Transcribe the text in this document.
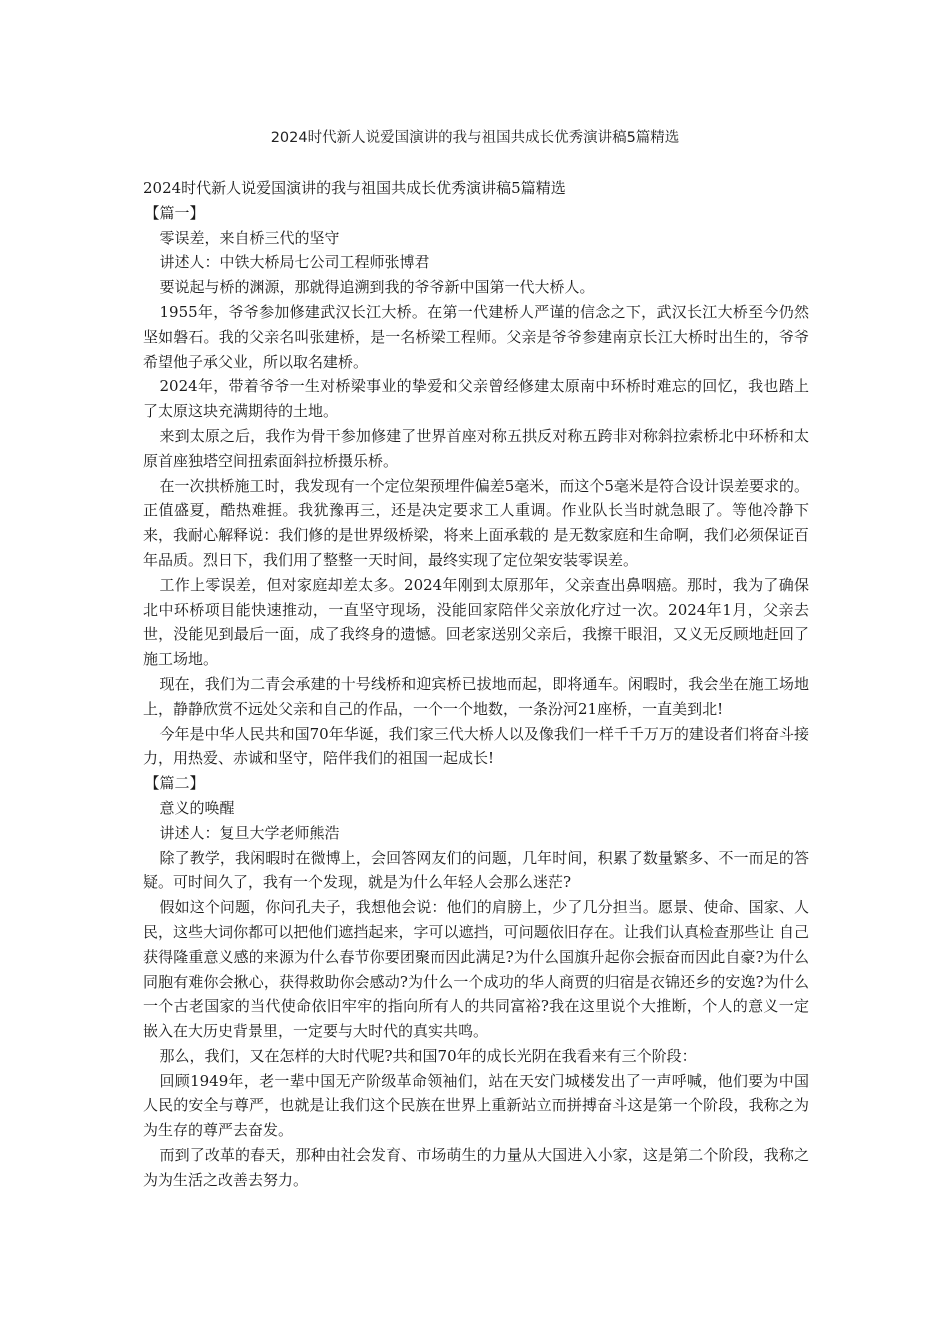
2024时代新人说爱国演讲的我与祖国共成长优秀演讲稿5篇精选

2024时代新人说爱国演讲的我与祖国共成长优秀演讲稿5篇精选

【篇一】

零误差，来自桥三代的坚守

讲述人：中铁大桥局七公司工程师张博君

要说起与桥的渊源，那就得追溯到我的爷爷新中国第一代大桥人。

1955年，爷爷参加修建武汉长江大桥。在第一代建桥人严谨的信念之下，武汉长江大桥至今仍然坚如磐石。我的父亲名叫张建桥，是一名桥梁工程师。父亲是爷爷参建南京长江大桥时出生的，爷爷希望他子承父业，所以取名建桥。

2024年，带着爷爷一生对桥梁事业的挚爱和父亲曾经修建太原南中环桥时难忘的回忆，我也踏上了太原这块充满期待的土地。

来到太原之后，我作为骨干参加修建了世界首座对称五拱反对称五跨非对称斜拉索桥北中环桥和太原首座独塔空间扭索面斜拉桥摄乐桥。

在一次拱桥施工时，我发现有一个定位架预埋件偏差5毫米，而这个5毫米是符合设计误差要求的。正值盛夏，酷热难捱。我犹豫再三，还是决定要求工人重调。作业队长当时就急眼了。等他冷静下来，我耐心解释说：我们修的是世界级桥梁，将来上面承载的 是无数家庭和生命啊，我们必须保证百年品质。烈日下，我们用了整整一天时间，最终实现了定位架安装零误差。

工作上零误差，但对家庭却差太多。2024年刚到太原那年，父亲查出鼻咽癌。那时，我为了确保北中环桥项目能快速推动，一直坚守现场，没能回家陪伴父亲放化疗过一次。2024年1月，父亲去世，没能见到最后一面，成了我终身的遗憾。回老家送别父亲后，我擦干眼泪，又义无反顾地赶回了施工场地。

现在，我们为二青会承建的十号线桥和迎宾桥已拔地而起，即将通车。闲暇时，我会坐在施工场地上，静静欣赏不远处父亲和自己的作品，一个一个地数，一条汾河21座桥，一直美到北!

今年是中华人民共和国70年华诞，我们家三代大桥人以及像我们一样千千万万的建设者们将奋斗接力，用热爱、赤诚和坚守，陪伴我们的祖国一起成长!

【篇二】

意义的唤醒

讲述人：复旦大学老师熊浩

除了教学，我闲暇时在微博上，会回答网友们的问题，几年时间，积累了数量繁多、不一而足的答疑。可时间久了，我有一个发现，就是为什么年轻人会那么迷茫?

假如这个问题，你问孔夫子，我想他会说：他们的肩膀上，少了几分担当。愿景、使命、国家、人民，这些大词你都可以把他们遮挡起来，字可以遮挡，可问题依旧存在。让我们认真检查那些让 自己获得隆重意义感的来源为什么春节你要团聚而因此满足?为什么国旗升起你会振奋而因此自豪?为什么同胞有难你会揪心，获得救助你会感动?为什么一个成功的华人商贾的归宿是衣锦还乡的安逸?为什么一个古老国家的当代使命依旧牢牢的指向所有人的共同富裕?我在这里说个大推断，个人的意义一定嵌入在大历史背景里，一定要与大时代的真实共鸣。

那么，我们，又在怎样的大时代呢?共和国70年的成长光阴在我看来有三个阶段：

回顾1949年，老一辈中国无产阶级革命领袖们，站在天安门城楼发出了一声呼喊，他们要为中国人民的安全与尊严，也就是让我们这个民族在世界上重新站立而拼搏奋斗这是第一个阶段，我称之为为生存的尊严去奋发。

而到了改革的春天，那种由社会发育、市场萌生的力量从大国进入小家，这是第二个阶段，我称之为为生活之改善去努力。
